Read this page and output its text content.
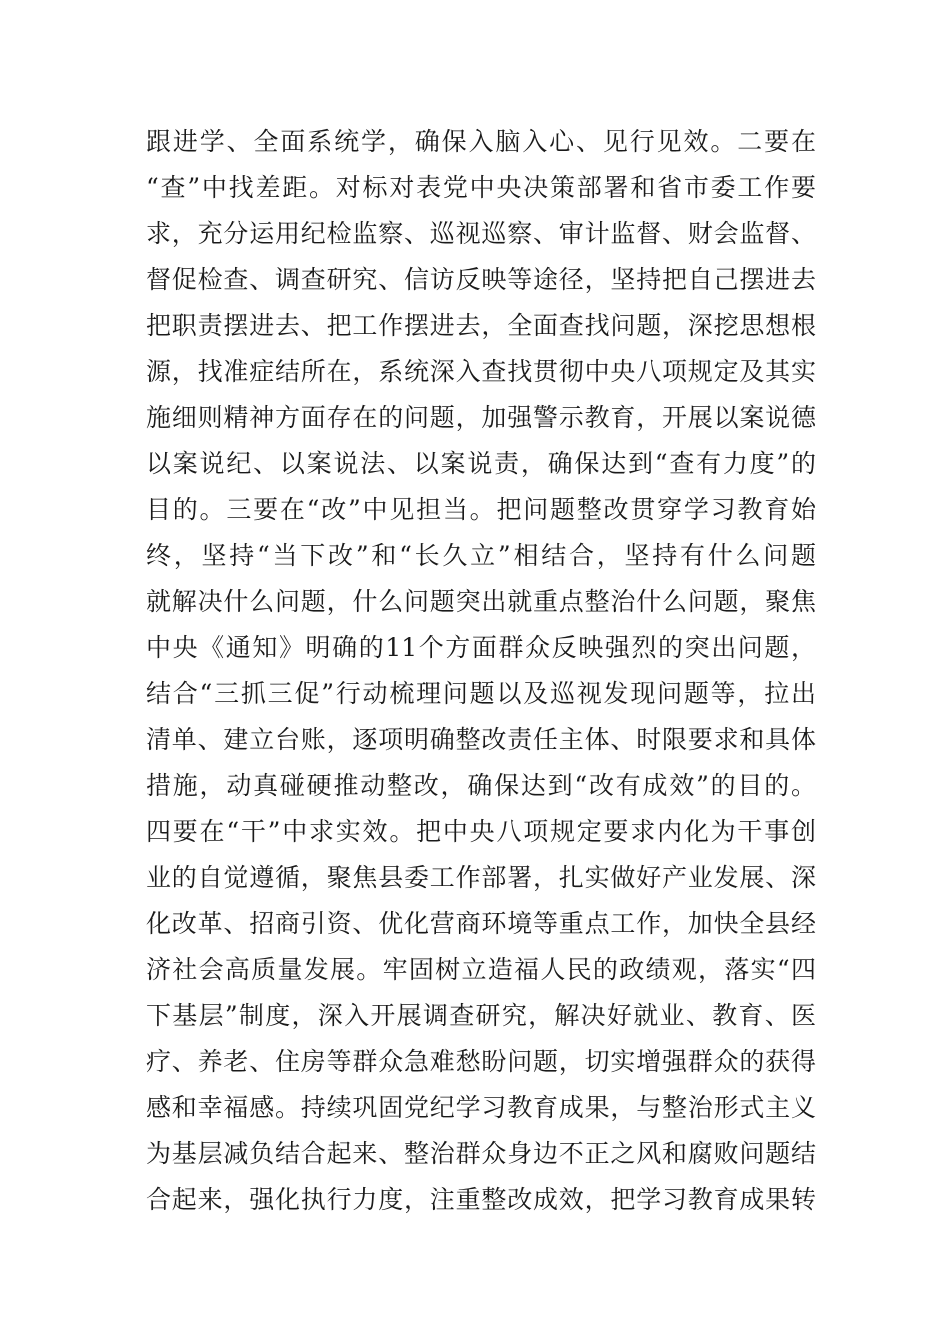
跟进学、全面系统学，确保入脑入心、见行见效。二要在
“查”中找差距。对标对表党中央决策部署和省市委工作要
求，充分运用纪检监察、巡视巡察、审计监督、财会监督、
督促检查、调查研究、信访反映等途径，坚持把自己摆进去
把职责摆进去、把工作摆进去，全面查找问题，深挖思想根
源，找准症结所在，系统深入查找贯彻中央八项规定及其实
施细则精神方面存在的问题，加强警示教育，开展以案说德
以案说纪、以案说法、以案说责，确保达到“查有力度”的
目的。三要在“改”中见担当。把问题整改贯穿学习教育始
终，坚持“当下改”和“长久立”相结合，坚持有什么问题
就解决什么问题，什么问题突出就重点整治什么问题，聚焦
中央《通知》明确的11个方面群众反映强烈的突出问题，
结合“三抓三促”行动梳理问题以及巡视发现问题等，拉出
清单、建立台账，逐项明确整改责任主体、时限要求和具体
措施，动真碰硬推动整改，确保达到“改有成效”的目的。
四要在“干”中求实效。把中央八项规定要求内化为干事创
业的自觉遵循，聚焦县委工作部署，扎实做好产业发展、深
化改革、招商引资、优化营商环境等重点工作，加快全县经
济社会高质量发展。牢固树立造福人民的政绩观，落实“四
下基层”制度，深入开展调查研究，解决好就业、教育、医
疗、养老、住房等群众急难愁盼问题，切实增强群众的获得
感和幸福感。持续巩固党纪学习教育成果，与整治形式主义
为基层减负结合起来、整治群众身边不正之风和腐败问题结
合起来，强化执行力度，注重整改成效，把学习教育成果转
